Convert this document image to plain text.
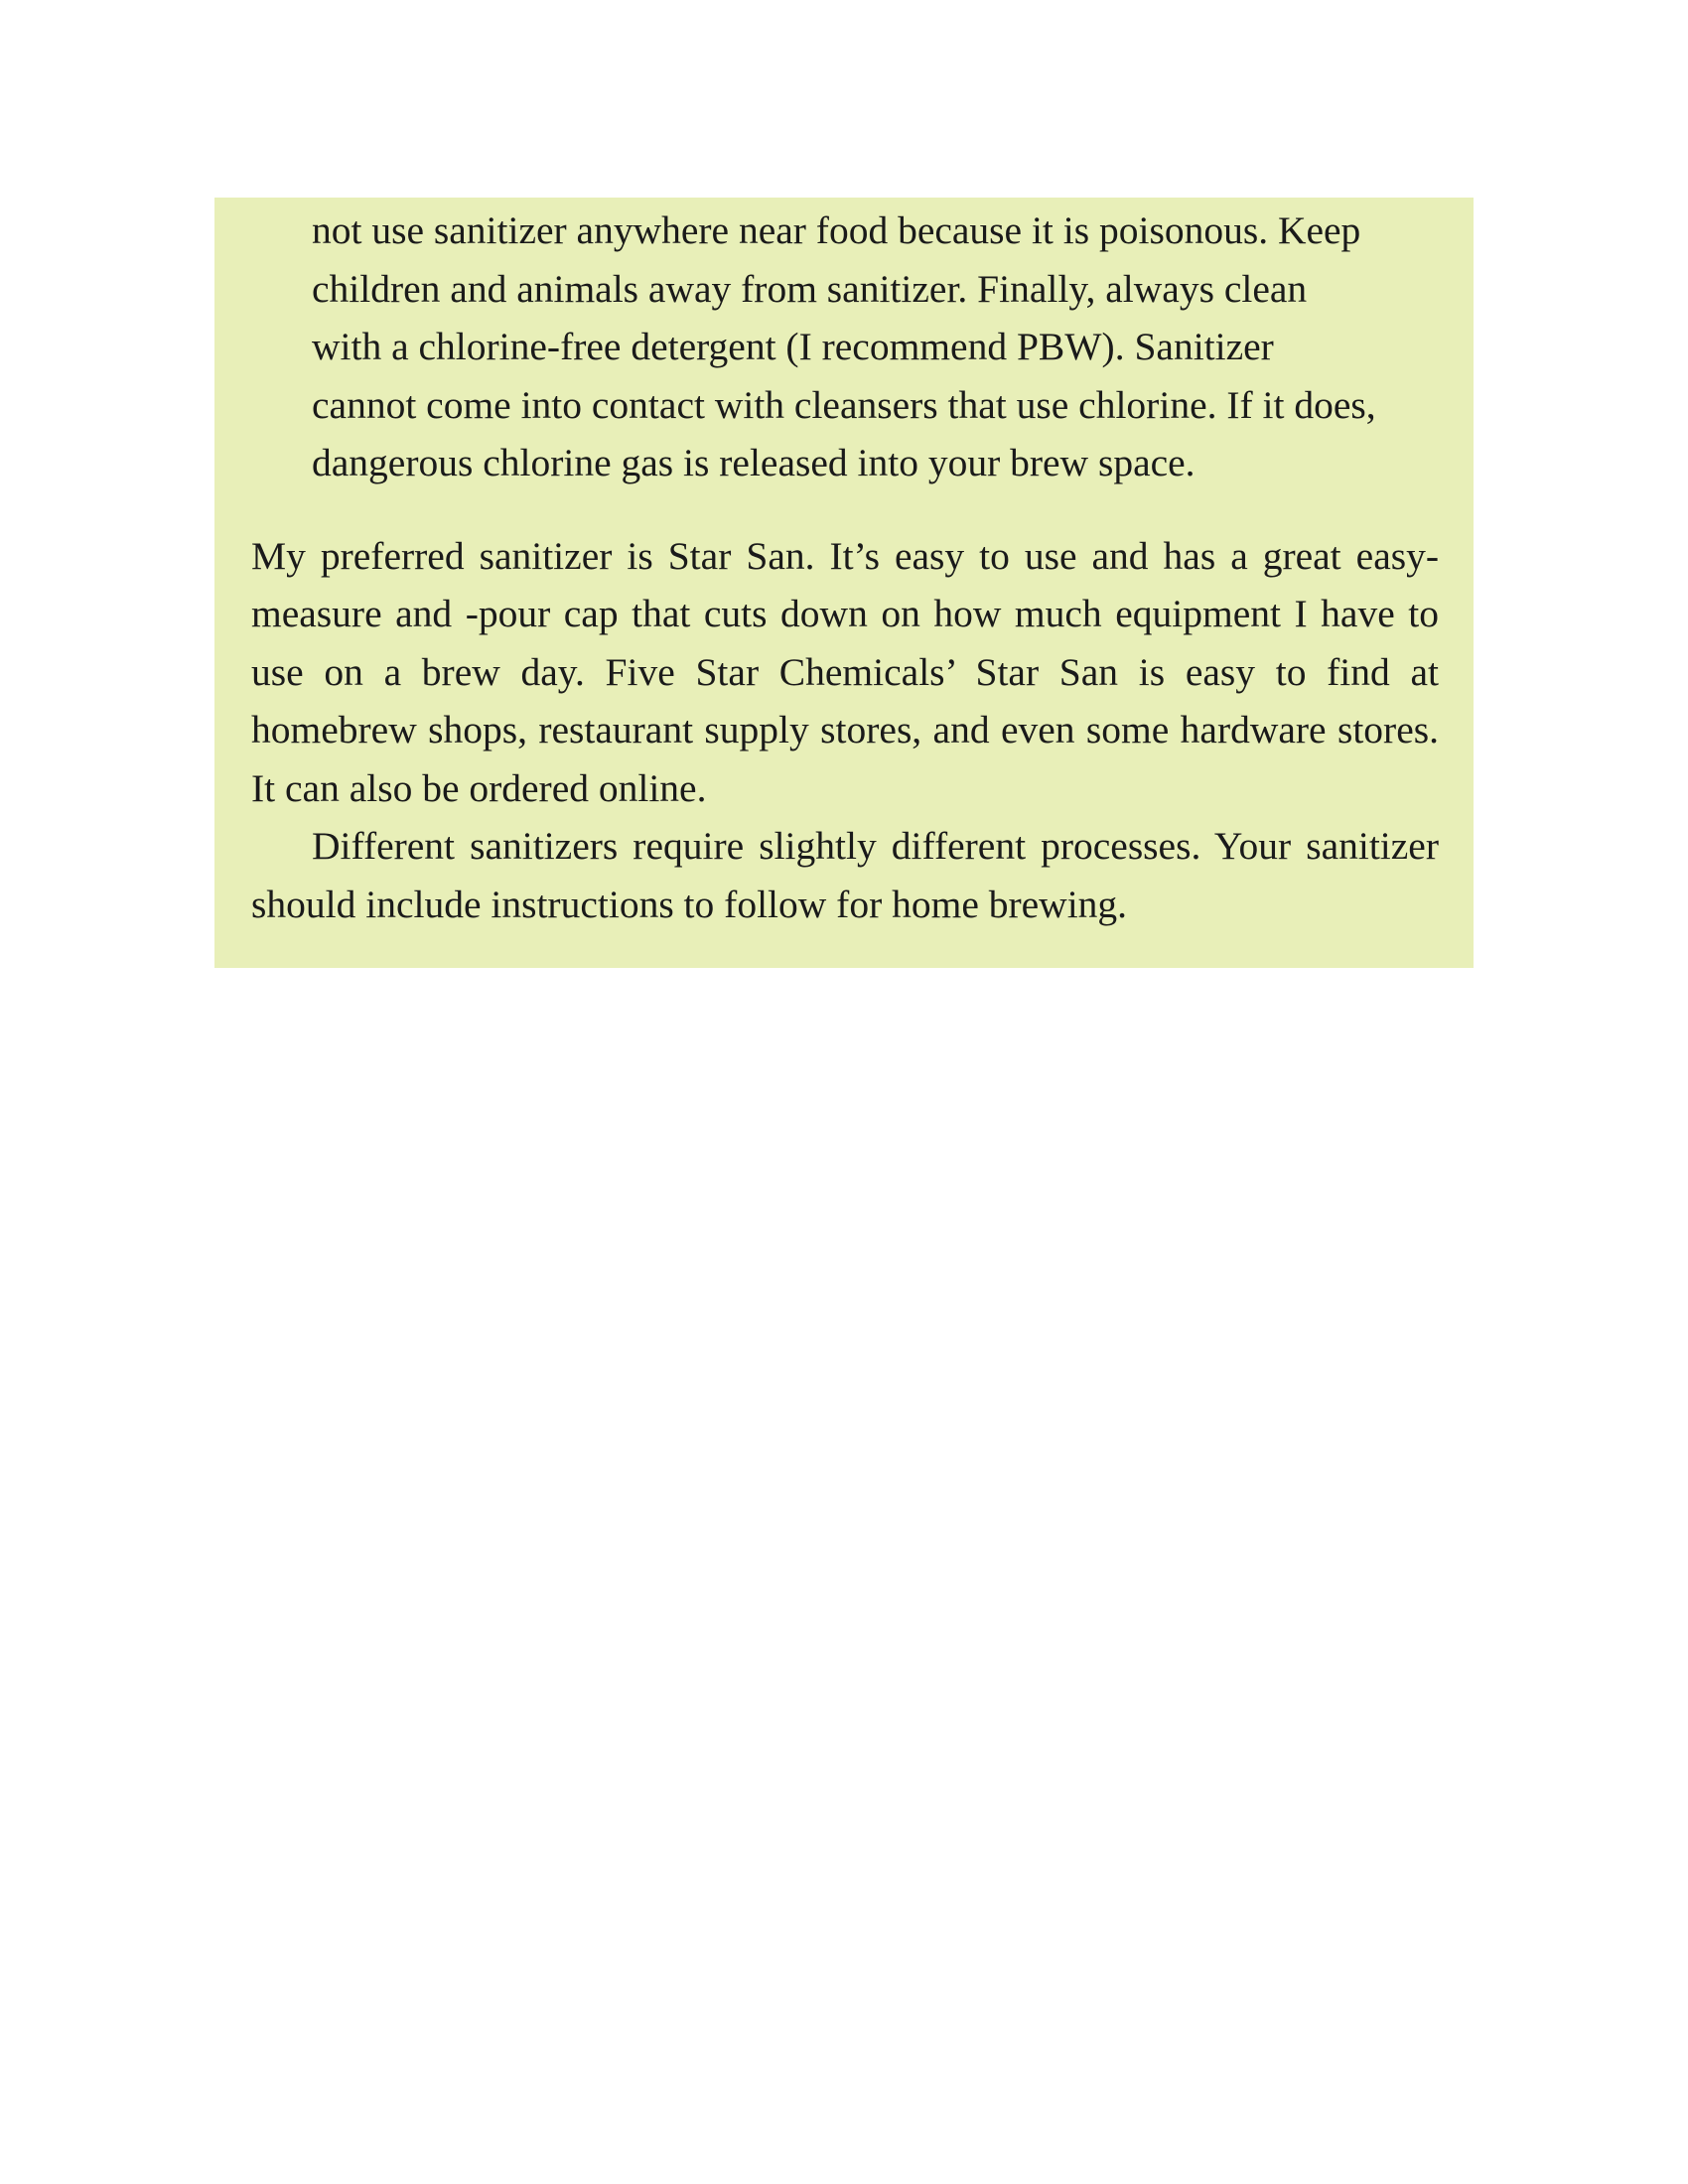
not use sanitizer anywhere near food because it is poisonous. Keep
children and animals away from sanitizer. Finally, always clean
with a chlorine-free detergent (I recommend PBW). Sanitizer
cannot come into contact with cleansers that use chlorine. If it does,
dangerous chlorine gas is released into your brew space.

My preferred sanitizer is Star San. It’s easy to use and has a great easy-measure and -pour cap that cuts down on how much equipment I have to use on a brew day. Five Star Chemicals’ Star San is easy to find at homebrew shops, restaurant supply stores, and even some hardware stores. It can also be ordered online.

Different sanitizers require slightly different processes. Your sanitizer should include instructions to follow for home brewing.
